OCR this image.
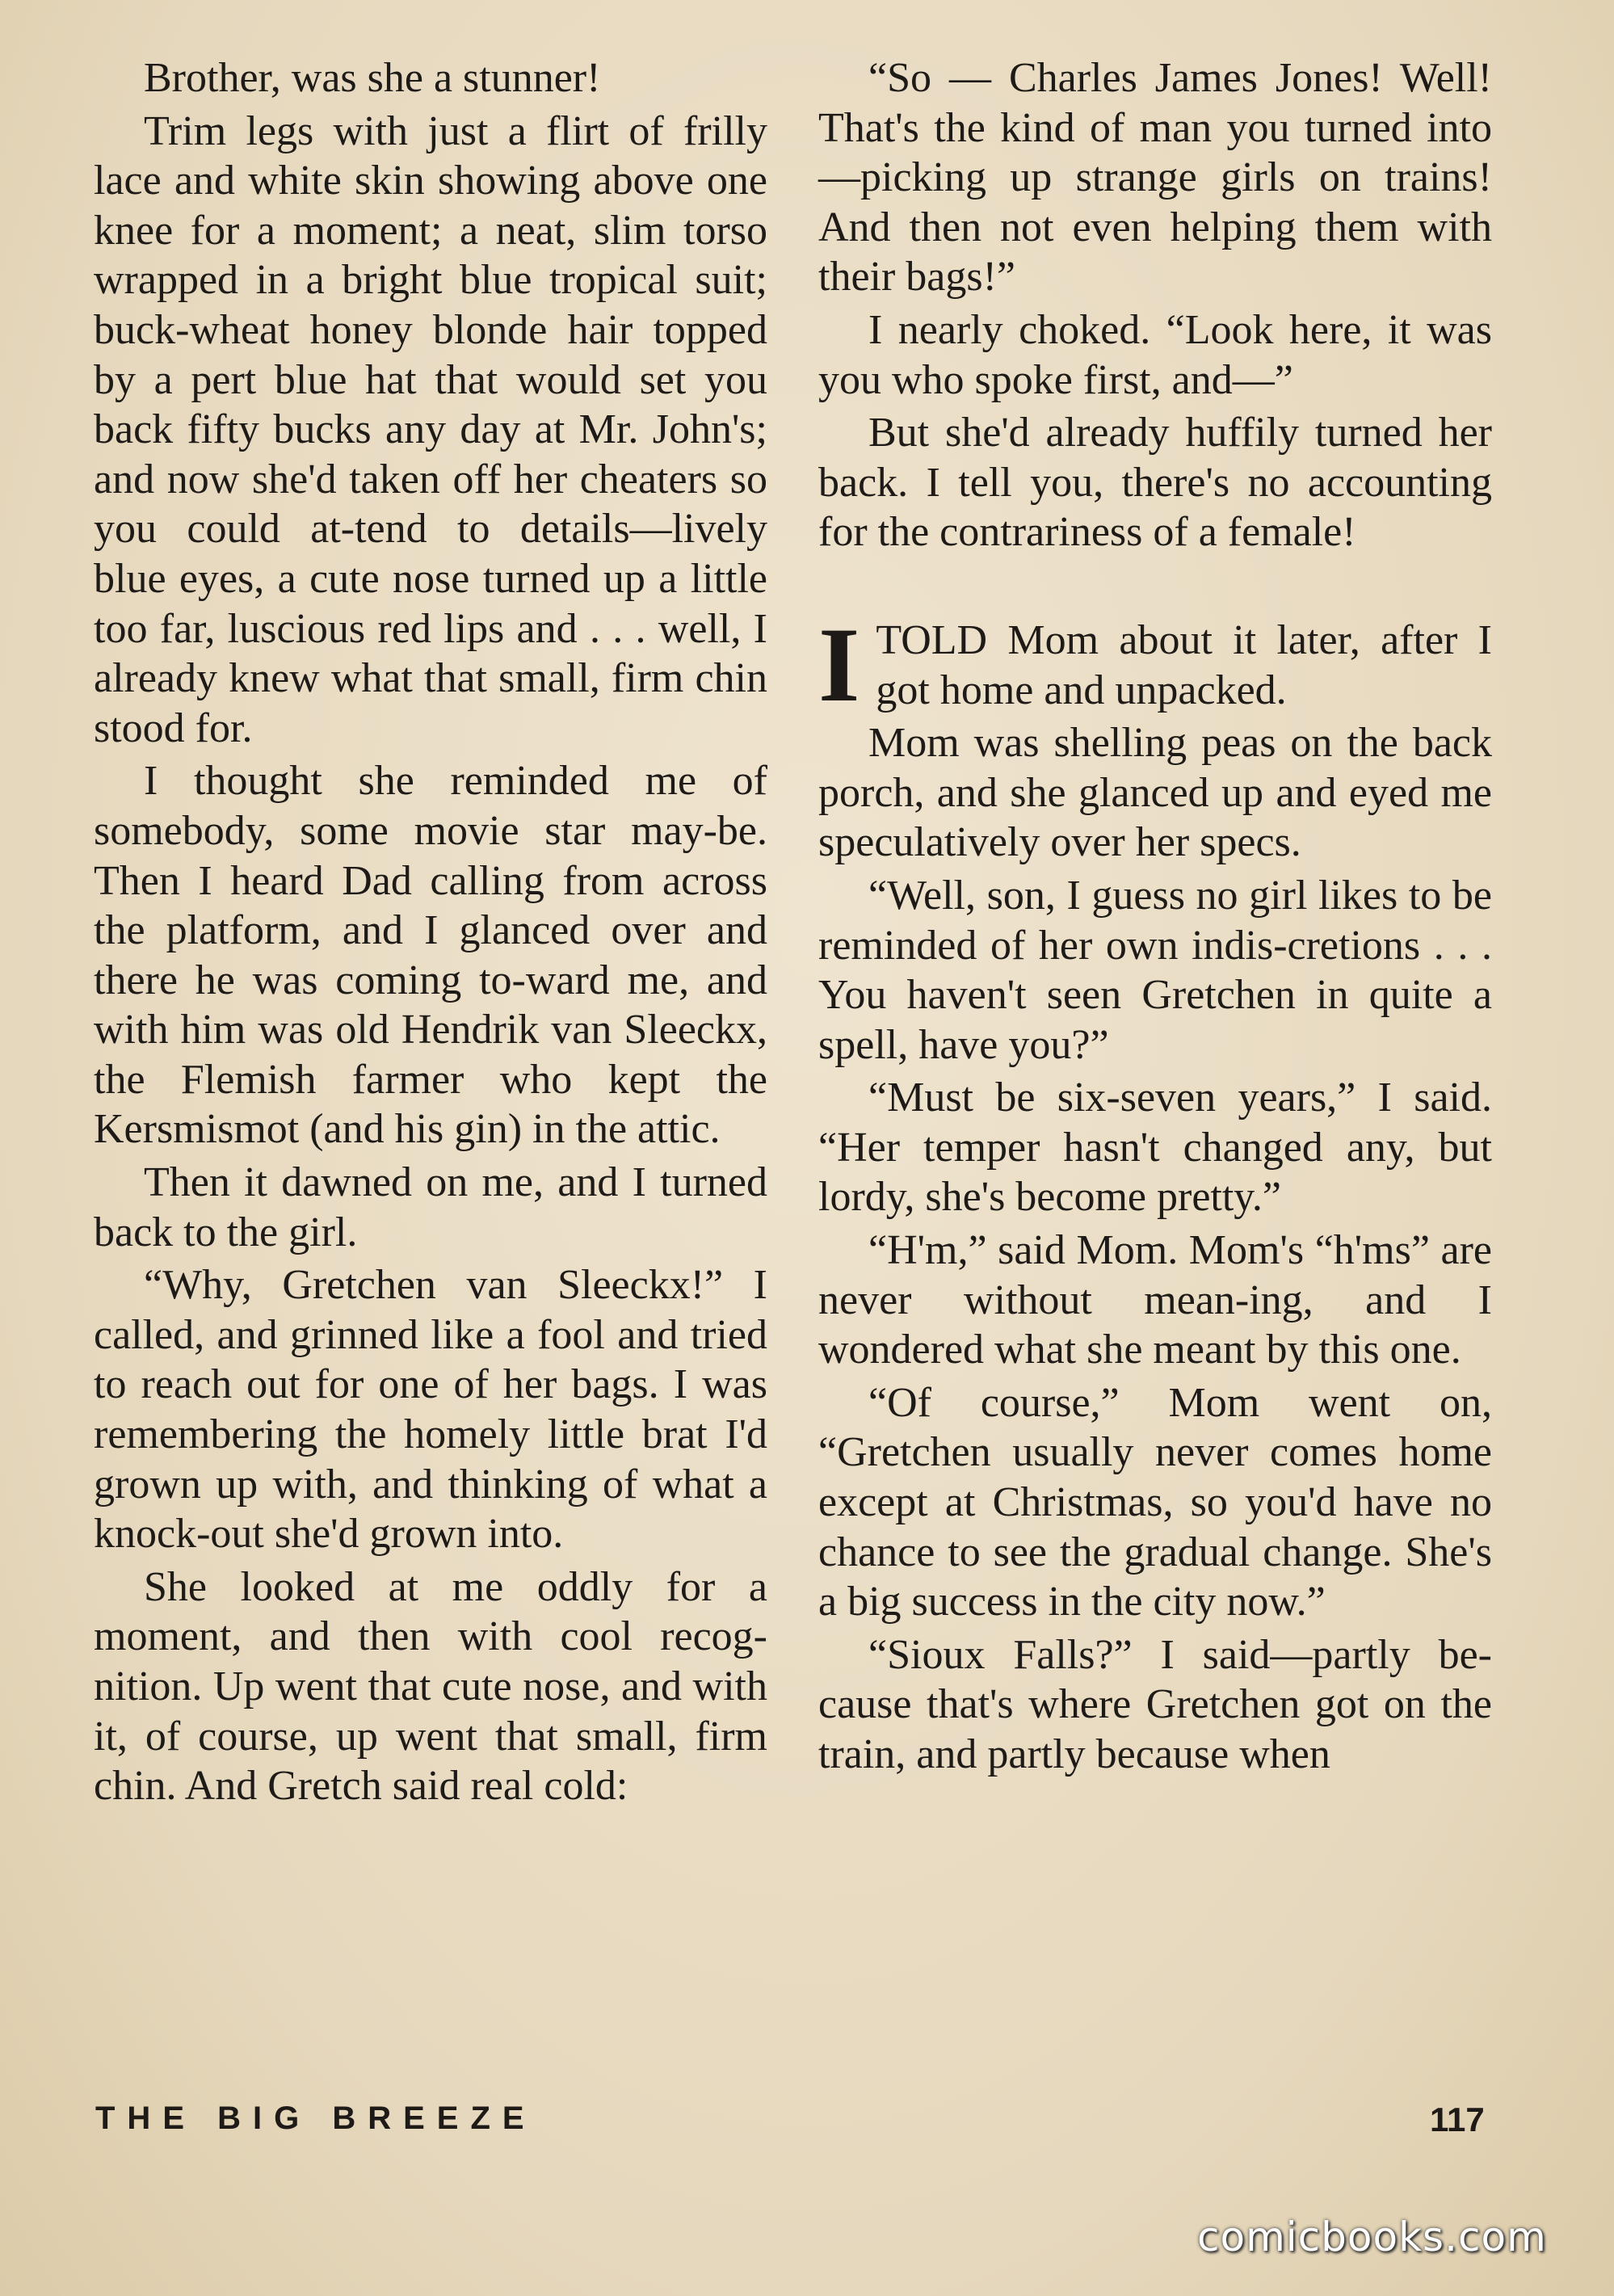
Brother, was she a stunner!

Trim legs with just a flirt of frilly lace and white skin showing above one knee for a moment; a neat, slim torso wrapped in a bright blue tropical suit; buck-wheat honey blonde hair topped by a pert blue hat that would set you back fifty bucks any day at Mr. John's; and now she'd taken off her cheaters so you could at-tend to details—lively blue eyes, a cute nose turned up a little too far, luscious red lips and . . . well, I already knew what that small, firm chin stood for.

I thought she reminded me of somebody, some movie star may-be. Then I heard Dad calling from across the platform, and I glanced over and there he was coming to-ward me, and with him was old Hendrik van Sleeckx, the Flemish farmer who kept the Kersmismot (and his gin) in the attic.

Then it dawned on me, and I turned back to the girl.

“Why, Gretchen van Sleeckx!” I called, and grinned like a fool and tried to reach out for one of her bags. I was remembering the homely little brat I'd grown up with, and thinking of what a knock-out she'd grown into.

She looked at me oddly for a moment, and then with cool recog-nition. Up went that cute nose, and with it, of course, up went that small, firm chin. And Gretch said real cold:

“So — Charles James Jones! Well! That's the kind of man you turned into—picking up strange girls on trains! And then not even helping them with their bags!”

I nearly choked. “Look here, it was you who spoke first, and—”

But she'd already huffily turned her back. I tell you, there's no accounting for the contrariness of a female!

ITOLD Mom about it later, after I got home and unpacked.

Mom was shelling peas on the back porch, and she glanced up and eyed me speculatively over her specs.

“Well, son, I guess no girl likes to be reminded of her own indis-cretions . . . You haven't seen Gretchen in quite a spell, have you?”

“Must be six-seven years,” I said. “Her temper hasn't changed any, but lordy, she's become pretty.”

“H'm,” said Mom. Mom's “h'ms” are never without mean-ing, and I wondered what she meant by this one.

“Of course,” Mom went on, “Gretchen usually never comes home except at Christmas, so you'd have no chance to see the gradual change. She's a big success in the city now.”

“Sioux Falls?” I said—partly be-cause that's where Gretchen got on the train, and partly because when

THE BIG BREEZE	117
comicbooks.com
